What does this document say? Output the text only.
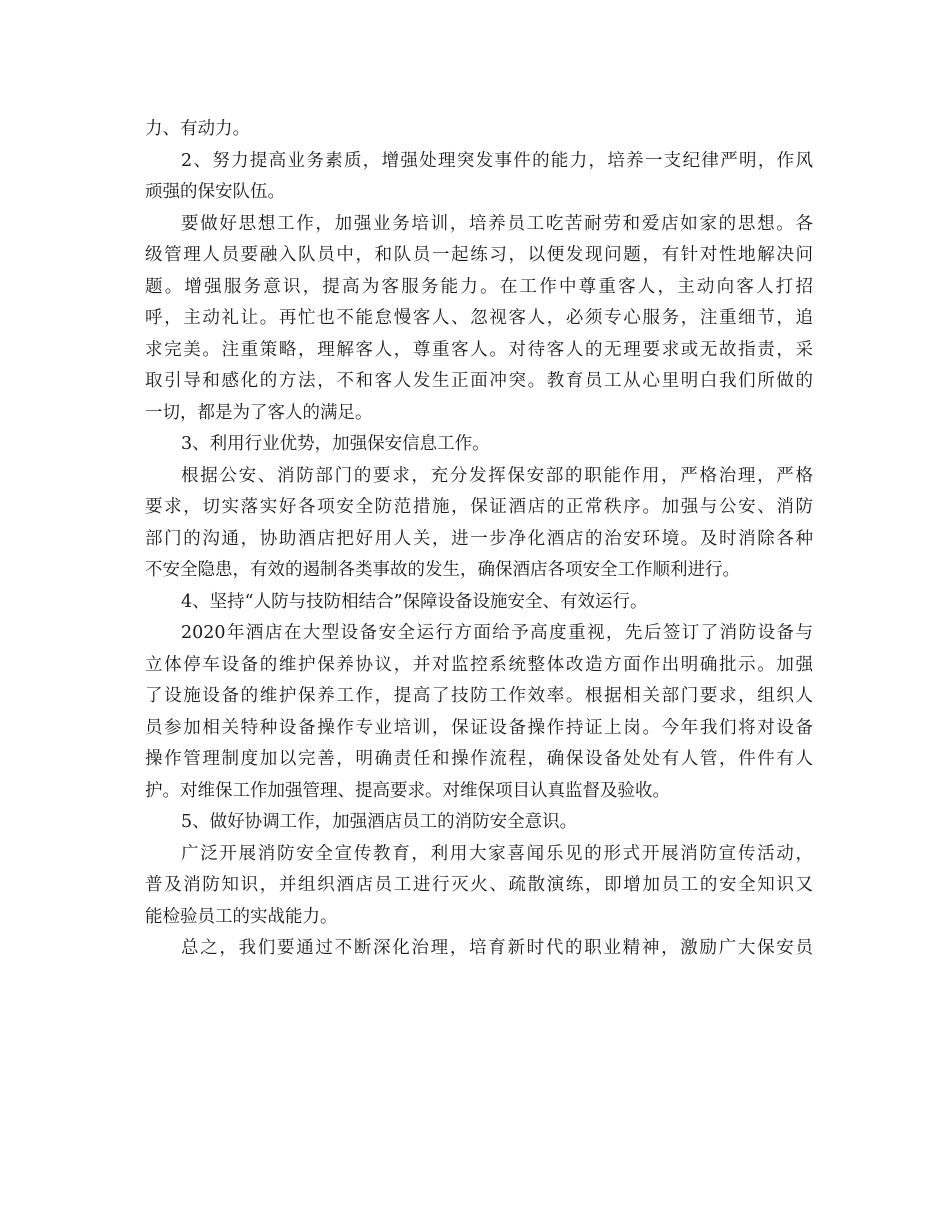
力、有动力。
2、努力提高业务素质，增强处理突发事件的能力，培养一支纪律严明，作风
顽强的保安队伍。
要做好思想工作，加强业务培训，培养员工吃苦耐劳和爱店如家的思想。各
级管理人员要融入队员中，和队员一起练习，以便发现问题，有针对性地解决问
题。增强服务意识，提高为客服务能力。在工作中尊重客人，主动向客人打招
呼，主动礼让。再忙也不能怠慢客人、忽视客人，必须专心服务，注重细节，追
求完美。注重策略，理解客人，尊重客人。对待客人的无理要求或无故指责，采
取引导和感化的方法，不和客人发生正面冲突。教育员工从心里明白我们所做的
一切，都是为了客人的满足。
3、利用行业优势，加强保安信息工作。
根据公安、消防部门的要求，充分发挥保安部的职能作用，严格治理，严格
要求，切实落实好各项安全防范措施，保证酒店的正常秩序。加强与公安、消防
部门的沟通，协助酒店把好用人关，进一步净化酒店的治安环境。及时消除各种
不安全隐患，有效的遏制各类事故的发生，确保酒店各项安全工作顺利进行。
4、坚持“人防与技防相结合”保障设备设施安全、有效运行。
2020年酒店在大型设备安全运行方面给予高度重视，先后签订了消防设备与
立体停车设备的维护保养协议，并对监控系统整体改造方面作出明确批示。加强
了设施设备的维护保养工作，提高了技防工作效率。根据相关部门要求，组织人
员参加相关特种设备操作专业培训，保证设备操作持证上岗。今年我们将对设备
操作管理制度加以完善，明确责任和操作流程，确保设备处处有人管，件件有人
护。对维保工作加强管理、提高要求。对维保项目认真监督及验收。
5、做好协调工作，加强酒店员工的消防安全意识。
广泛开展消防安全宣传教育，利用大家喜闻乐见的形式开展消防宣传活动，
普及消防知识，并组织酒店员工进行灭火、疏散演练，即增加员工的安全知识又
能检验员工的实战能力。
总之，我们要通过不断深化治理，培育新时代的职业精神，激励广大保安员
